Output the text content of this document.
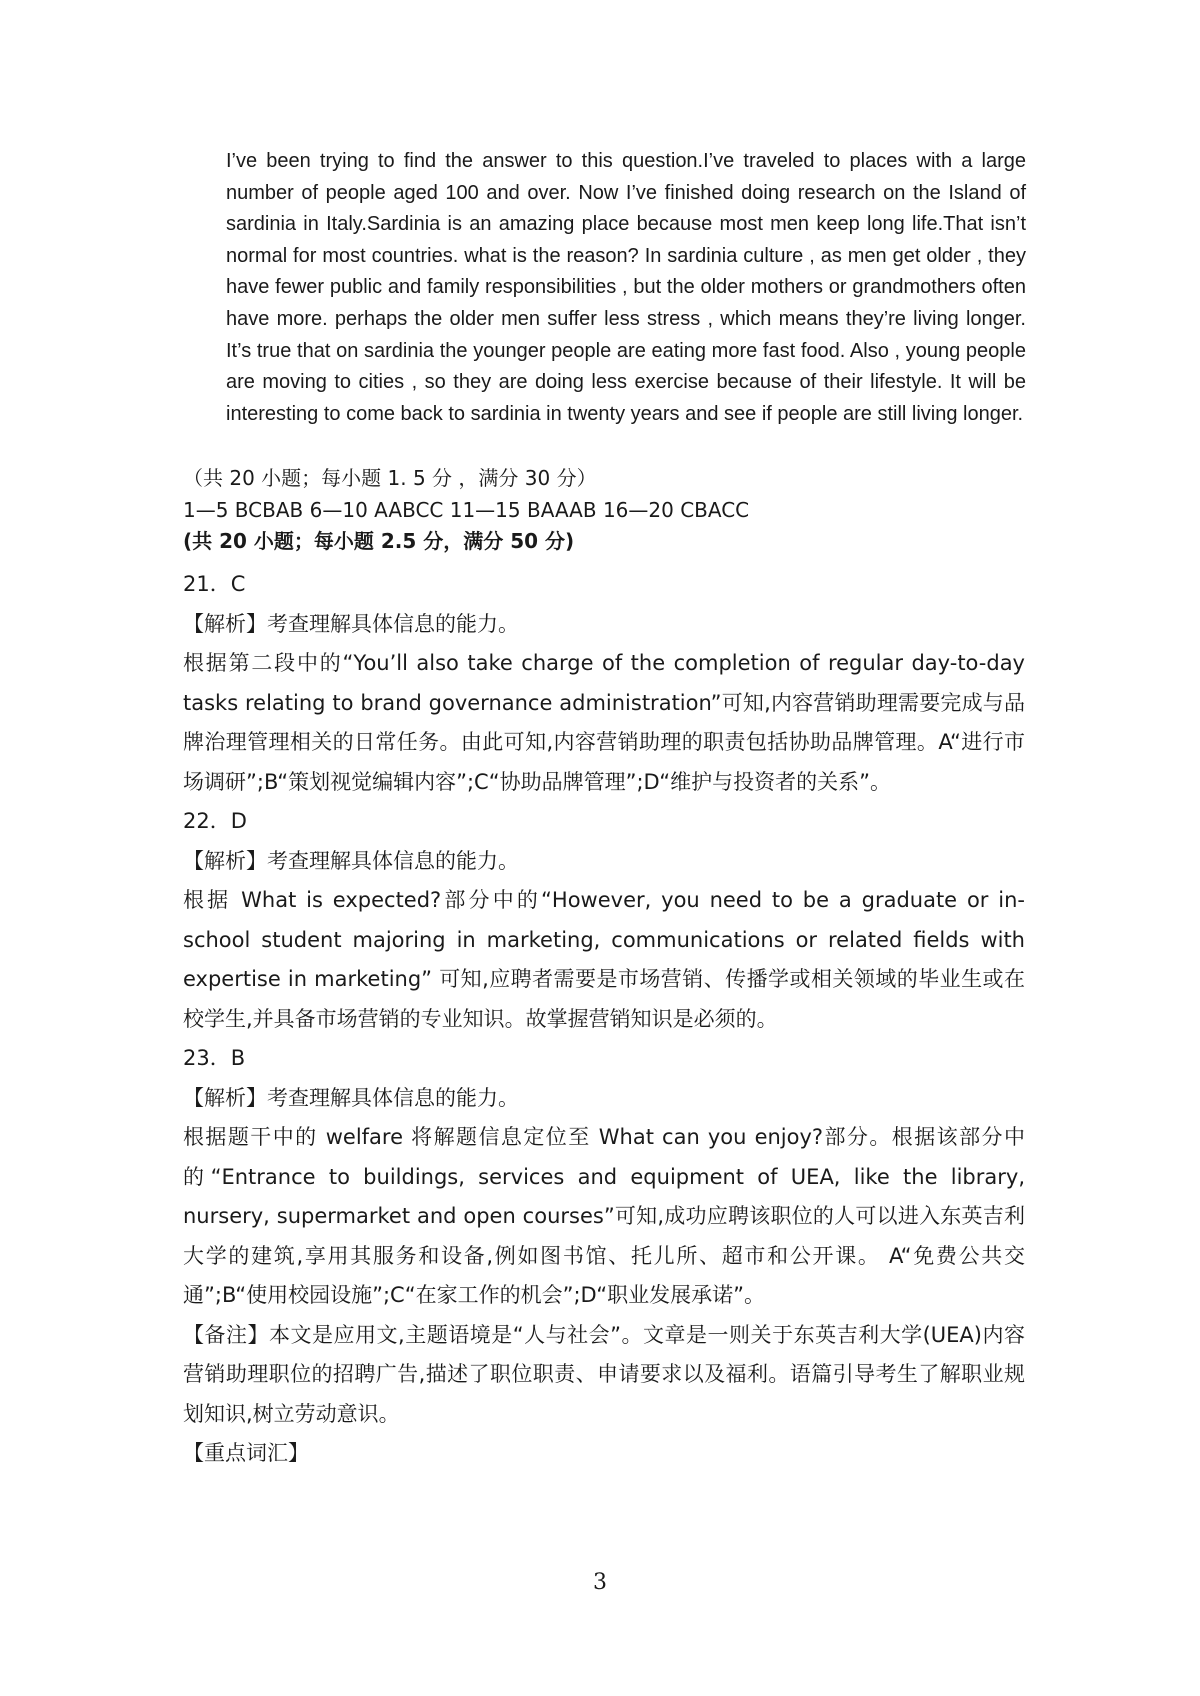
I’ve been trying to find the answer to this question.I’ve traveled to places with a large number of people aged 100 and over. Now I’ve finished doing research on the Island of sardinia in Italy.Sardinia is an amazing place because most men keep long life.That isn’t normal for most countries. what is the reason? In sardinia culture , as men get older , they have fewer public and family responsibilities , but the older mothers or grandmothers often have more. perhaps the older men suffer less stress , which means they’re living longer. It’s true that on sardinia the younger people are eating more fast food. Also , young people are moving to cities , so they are doing less exercise because of their lifestyle. It will be interesting to come back to sardinia in twenty years and see if people are still living longer.
（共 20 小题；每小题 1. 5 分 ，满分 30 分）
1—5 BCBAB 6—10 AABCC 11—15 BAAAB 16—20 CBACC
(共 20 小题；每小题 2.5 分，满分 50 分)

21．C

【解析】考查理解具体信息的能力。

根据第二段中的“You’ll also take charge of the completion of regular day-to-day tasks relating to brand governance administration”可知,内容营销助理需要完成与品牌治理管理相关的日常任务。由此可知,内容营销助理的职责包括协助品牌管理。A“进行市场调研”;B“策划视觉编辑内容”;C“协助品牌管理”;D“维护与投资者的关系”。

22．D

【解析】考查理解具体信息的能力。

根据 What is expected?部分中的“However, you need to be a graduate or in-school student majoring in marketing, communications or related fields with expertise in marketing” 可知,应聘者需要是市场营销、传播学或相关领域的毕业生或在校学生,并具备市场营销的专业知识。故掌握营销知识是必须的。

23．B

【解析】考查理解具体信息的能力。

根据题干中的 welfare 将解题信息定位至 What can you enjoy?部分。根据该部分中的“Entrance to buildings, services and equipment of UEA, like the library, nursery, supermarket and open courses”可知,成功应聘该职位的人可以进入东英吉利大学的建筑,享用其服务和设备,例如图书馆、托儿所、超市和公开课。 A“免费公共交通”;B“使用校园设施”;C“在家工作的机会”;D“职业发展承诺”。

【备注】本文是应用文,主题语境是“人与社会”。文章是一则关于东英吉利大学(UEA)内容营销助理职位的招聘广告,描述了职位职责、申请要求以及福利。语篇引导考生了解职业规划知识,树立劳动意识。

【重点词汇】

3
